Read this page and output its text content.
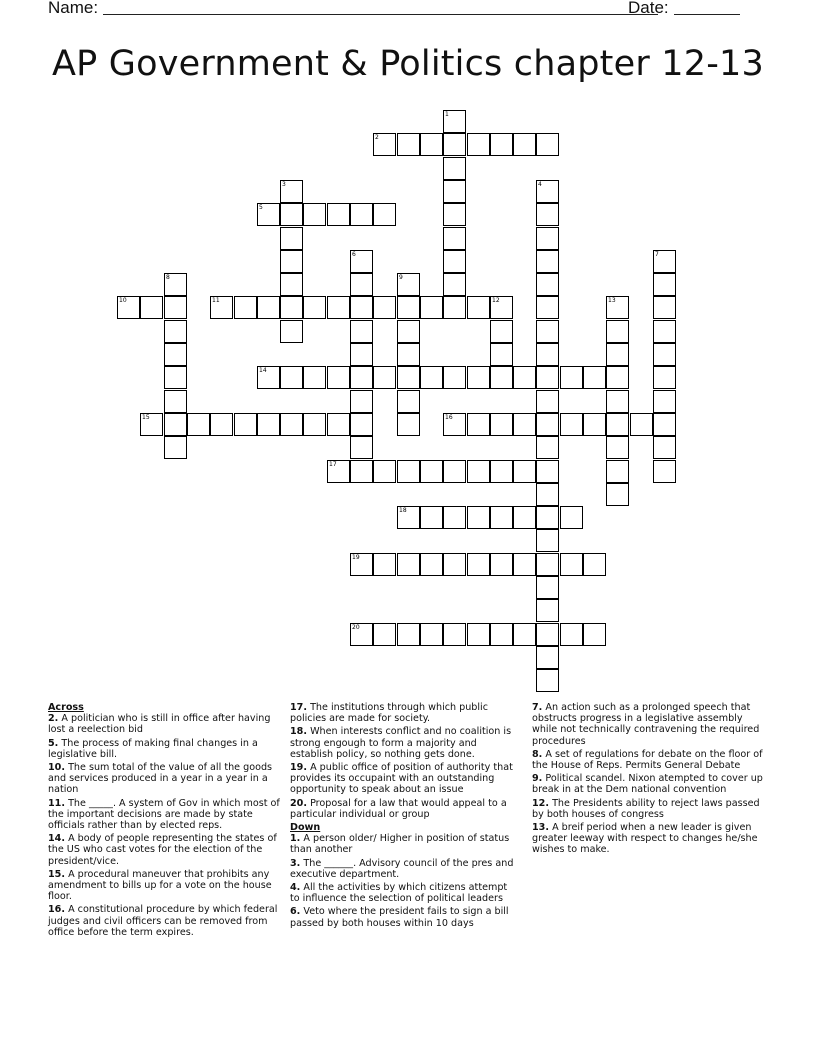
Name:	Date:
AP Government & Politics chapter 12-13
1
2
3	4
5
6	7
8	9
10	11	12	13
14
15	16
17
18
19
20

Across

2. A politician who is still in office after having lost a reelection bid

5. The process of making final changes in a legislative bill.

10. The sum total of the value of all the goods and services produced in a year in a year in a nation

11. The _____. A system of Gov in which most of the important decisions are made by state officials rather than by elected reps.

14. A body of people representing the states of the US who cast votes for the election of the president/vice.

15. A procedural maneuver that prohibits any amendment to bills up for a vote on the house floor.

16. A constitutional procedure by which federal judges and civil officers can be removed from office before the term expires.

17. The institutions through which public policies are made for society.

18. When interests conflict and no coalition is strong engough to form a majority and establish policy, so nothing gets done.

19. A public office of position of authority that provides its occupaint with an outstanding opportunity to speak about an issue

20. Proposal for a law that would appeal to a particular individual or group

Down

1. A person older/ Higher in position of status than another

3. The ______. Advisory council of the pres and executive department.

4. All the activities by which citizens attempt to influence the selection of political leaders

6. Veto where the president fails to sign a bill passed by both houses within 10 days

7. An action such as a prolonged speech that obstructs progress in a legislative assembly while not technically contravening the required procedures

8. A set of regulations for debate on the floor of the House of Reps. Permits General Debate

9. Political scandel. Nixon atempted to cover up break in at the Dem national convention

12. The Presidents ability to reject laws passed by both houses of congress

13. A breif period when a new leader is given greater leeway with respect to changes he/she wishes to make.
